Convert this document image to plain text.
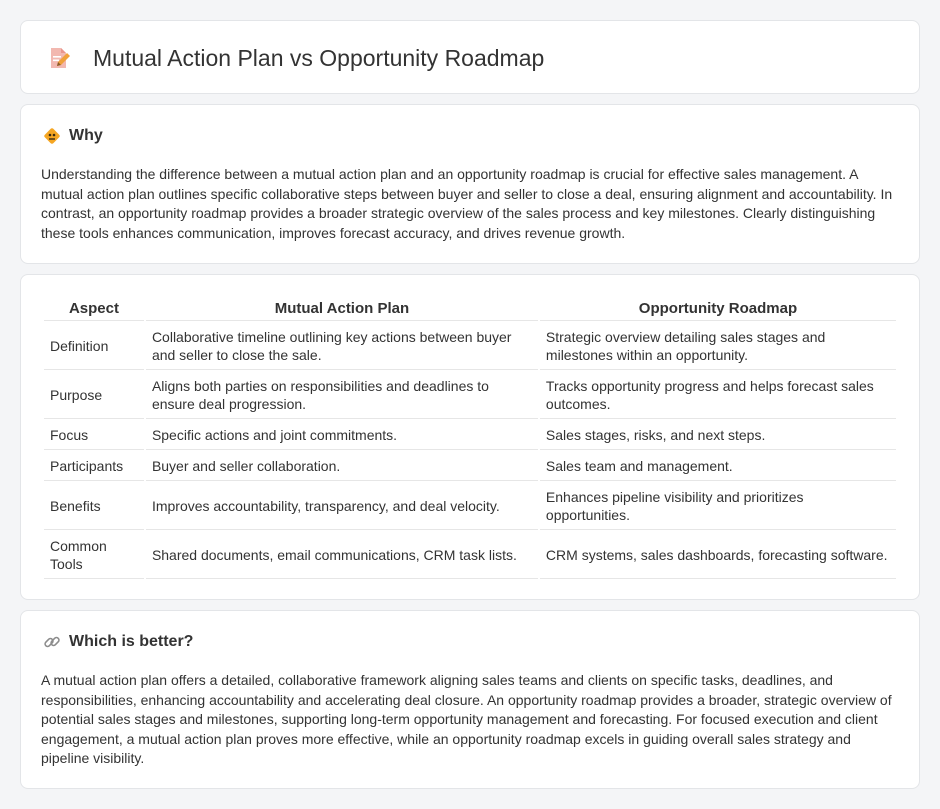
Mutual Action Plan vs Opportunity Roadmap
Why

Understanding the difference between a mutual action plan and an opportunity roadmap is crucial for effective sales management. A mutual action plan outlines specific collaborative steps between buyer and seller to close a deal, ensuring alignment and accountability. In contrast, an opportunity roadmap provides a broader strategic overview of the sales process and key milestones. Clearly distinguishing these tools enhances communication, improves forecast accuracy, and drives revenue growth.

Aspect	Mutual Action Plan	Opportunity Roadmap
Definition	Collaborative timeline outlining key actions between buyer and seller to close the sale.	Strategic overview detailing sales stages and milestones within an opportunity.
Purpose	Aligns both parties on responsibilities and deadlines to ensure deal progression.	Tracks opportunity progress and helps forecast sales outcomes.
Focus	Specific actions and joint commitments.	Sales stages, risks, and next steps.
Participants	Buyer and seller collaboration.	Sales team and management.
Benefits	Improves accountability, transparency, and deal velocity.	Enhances pipeline visibility and prioritizes opportunities.
Common Tools	Shared documents, email communications, CRM task lists.	CRM systems, sales dashboards, forecasting software.
Which is better?

A mutual action plan offers a detailed, collaborative framework aligning sales teams and clients on specific tasks, deadlines, and responsibilities, enhancing accountability and accelerating deal closure. An opportunity roadmap provides a broader, strategic overview of potential sales stages and milestones, supporting long-term opportunity management and forecasting. For focused execution and client engagement, a mutual action plan proves more effective, while an opportunity roadmap excels in guiding overall sales strategy and pipeline visibility.
